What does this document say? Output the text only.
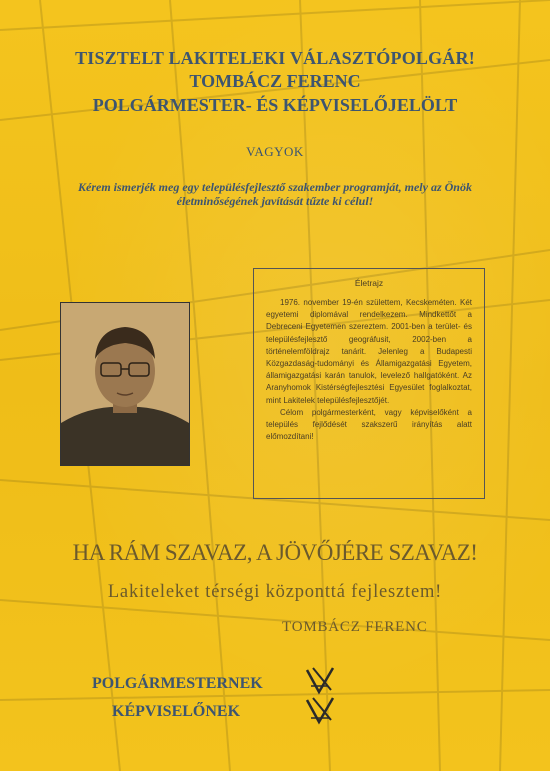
TISZTELT LAKITELEKI VÁLASZTÓPOLGÁR!
TOMBÁCZ FERENC
POLGÁRMESTER- ÉS KÉPVISELŐJELÖLT
VAGYOK
Kérem ismerjék meg egy településfejlesztő szakember programját, mely az Önök
életminőségének javítását tűzte ki célul!
Életrajz
1976. november 19-én születtem, Kecskeméten. Két egyetemi diplomával rendelkezem. Mindkettőt a Debreceni Egyetemen szereztem. 2001-ben a terület- és településfejlesztő geográfusit, 2002-ben a történelemföldrajz tanárit. Jelenleg a Budapesti Közgazdaság-tudományi és Államigazgatási Egyetem, államigazgatási karán tanulok, levelező hallgatóként. Az Aranyhomok Kistérségfejlesztési Egyesület foglalkoztat, mint Lakitelek településfejlesztőjét.
Célom polgármesterként, vagy képviselőként a település fejlődését szakszerű irányítás alatt előmozdítani!
HA RÁM SZAVAZ, A JÖVŐJÉRE SZAVAZ!
Lakiteleket térségi központtá fejlesztem!
TOMBÁCZ FERENC
POLGÁRMESTERNEK
KÉPVISELŐNEK
